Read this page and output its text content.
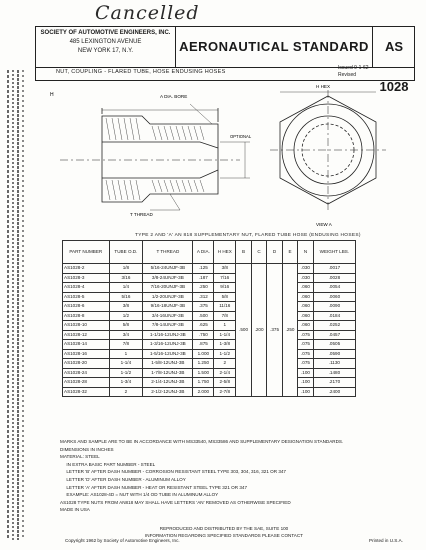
Cancelled
SOCIETY OF AUTOMOTIVE ENGINEERS, INC.
485 LEXINGTON AVENUE
NEW YORK 17, N.Y.	AERONAUTICAL STANDARD	AS 1028
NUT, COUPLING - FLARED TUBE, HOSE ENDUSING HOSES
Issued 9-1-62
Revised
H	A DIA. BORE
OPTIONAL
T THREAD
H HEX
VIEW A
TYPE 2 AND 'A' AN 818 SUPPLEMENTARY NUT, FLARED TUBE HOSE (ENDUSING HOSES)
PART NUMBER	TUBE O.D.	T THREAD	A DIA.	H HEX	B	C	D	E	N	WEIGHT LBS.
AS1028-2	1/8	5/16-24UNJF-3B	.125	3/8	.500	.200	.375	.250	.030	.0017
AS1028-3	3/16	3/8-24UNJF-3B	.187	7/16					.030	.0028
AS1028-4	1/4	7/16-20UNJF-3B	.250	9/16					.060	.0054
AS1028-5	5/16	1/2-20UNJF-3B	.312	5/8					.060	.0060
AS1028-6	3/8	9/16-18UNJF-3B	.375	11/16					.060	.0090
AS1028-8	1/2	3/4-16UNJF-3B	.500	7/8					.060	.0184
AS1028-10	5/8	7/8-14UNJF-3B	.625	1					.060	.0252
AS1028-12	3/4	1-1/16-12UNJ-3B	.750	1-1/4					.075	.0457
AS1028-14	7/8	1-3/16-12UNJ-3B	.875	1-3/8					.075	.0505
AS1028-16	1	1-5/16-12UNJ-3B	1.000	1-1/2					.075	.0590
AS1028-20	1-1/4	1-5/8-12UNJ-3B	1.250	2					.075	.1130
AS1028-24	1-1/2	1-7/8-12UNJ-3B	1.500	2-1/4					.100	.1480
AS1028-28	1-3/4	2-1/4-12UNJ-3B	1.750	2-5/8					.100	.2170
AS1028-32	2	2-1/2-12UNJ-3B	2.000	2-7/8					.100	.2400
MARKS AND SAMPLE ARE TO BE IN ACCORDANCE WITH MS33540, MS33586 AND SUPPLEMENTARY DESIGNATION STANDARDS.
DIMENSIONS IN INCHES
MATERIAL: STEEL
IN EXTRA BASIC PART NUMBER - STEEL
LETTER 'B' AFTER DASH NUMBER - CORROSION RESISTANT STEEL TYPE 303, 304, 316, 321 OR 347
LETTER 'D' AFTER DASH NUMBER - ALUMINUM ALLOY
LETTER 'A' AFTER DASH NUMBER - HEAT OR RESISTANT STEEL TYPE 321 OR 347
EXAMPLE: AS1028-4D = NUT WITH 1/4 OD TUBE IN ALUMINUM ALLOY
AS1028 TYPE NUTS FROM AN818 MAY SHALL HAVE LETTERS 'AN' REMOVED AS OTHERWISE SPECIFIED
MADE IN USA
REPRODUCED AND DISTRIBUTED BY THE SAE, SUITE 100
INFORMATION REGARDING SPECIFIED STANDARDS PLEASE CONTACT
Copyright 1962 by Society of Automotive Engineers, Inc.	Printed in U.S.A.
